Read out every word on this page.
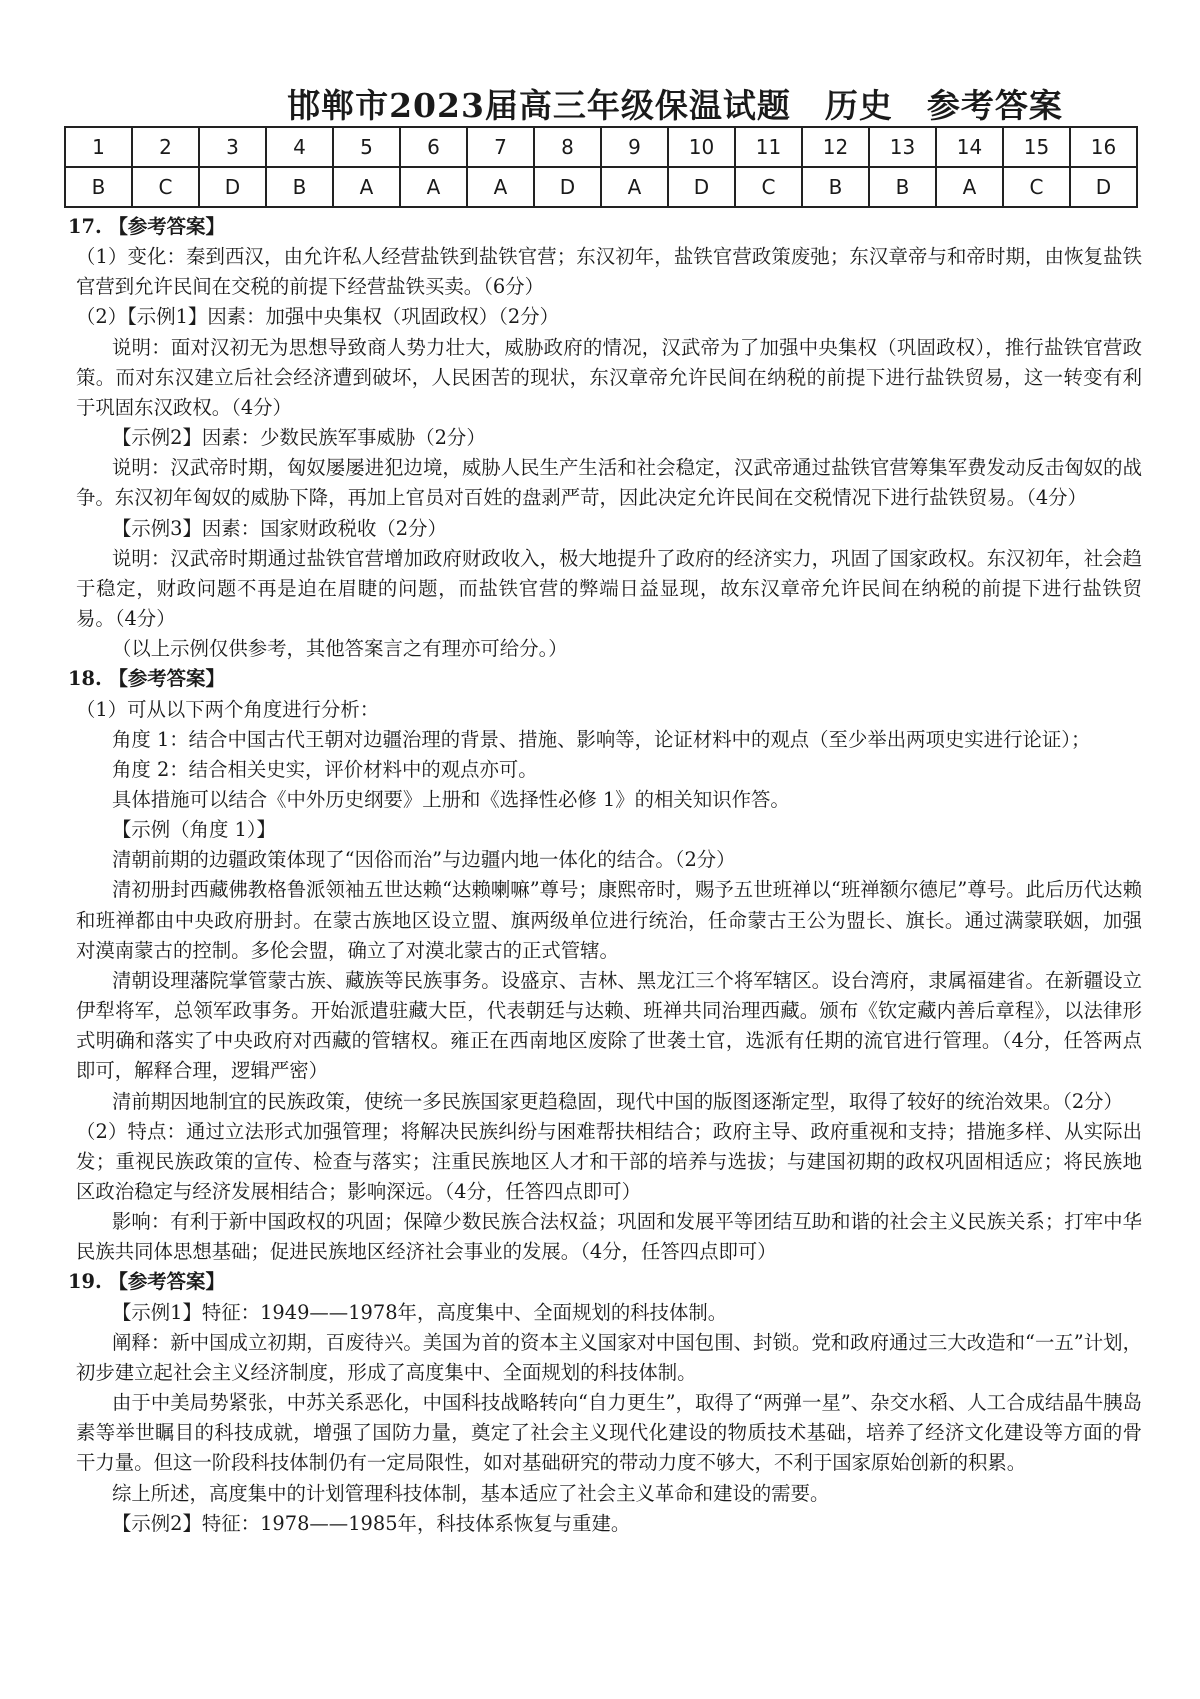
邯郸市2023届高三年级保温试题　历史　参考答案
1	2	3	4	5	6	7	8	9	10	11	12	13	14	15	16
B	C	D	B	A	A	A	D	A	D	C	B	B	A	C	D

17. 【参考答案】

（1）变化：秦到西汉，由允许私人经营盐铁到盐铁官营；东汉初年，盐铁官营政策废弛；东汉章帝与和帝时期，由恢复盐铁官营到允许民间在交税的前提下经营盐铁买卖。（6分）

（2）【示例1】因素：加强中央集权（巩固政权）（2分）

说明：面对汉初无为思想导致商人势力壮大，威胁政府的情况，汉武帝为了加强中央集权（巩固政权），推行盐铁官营政策。而对东汉建立后社会经济遭到破坏，人民困苦的现状，东汉章帝允许民间在纳税的前提下进行盐铁贸易，这一转变有利于巩固东汉政权。（4分）

【示例2】因素：少数民族军事威胁（2分）

说明：汉武帝时期，匈奴屡屡进犯边境，威胁人民生产生活和社会稳定，汉武帝通过盐铁官营筹集军费发动反击匈奴的战争。东汉初年匈奴的威胁下降，再加上官员对百姓的盘剥严苛，因此决定允许民间在交税情况下进行盐铁贸易。（4分）

【示例3】因素：国家财政税收（2分）

说明：汉武帝时期通过盐铁官营增加政府财政收入，极大地提升了政府的经济实力，巩固了国家政权。东汉初年，社会趋于稳定，财政问题不再是迫在眉睫的问题，而盐铁官营的弊端日益显现，故东汉章帝允许民间在纳税的前提下进行盐铁贸易。（4分）

（以上示例仅供参考，其他答案言之有理亦可给分。）

18. 【参考答案】

（1）可从以下两个角度进行分析：

角度 1：结合中国古代王朝对边疆治理的背景、措施、影响等，论证材料中的观点（至少举出两项史实进行论证）；

角度 2：结合相关史实，评价材料中的观点亦可。

具体措施可以结合《中外历史纲要》上册和《选择性必修 1》的相关知识作答。

【示例（角度 1）】

清朝前期的边疆政策体现了“因俗而治”与边疆内地一体化的结合。（2分）

清初册封西藏佛教格鲁派领袖五世达赖“达赖喇嘛”尊号；康熙帝时，赐予五世班禅以“班禅额尔德尼”尊号。此后历代达赖和班禅都由中央政府册封。在蒙古族地区设立盟、旗两级单位进行统治，任命蒙古王公为盟长、旗长。通过满蒙联姻，加强对漠南蒙古的控制。多伦会盟，确立了对漠北蒙古的正式管辖。

清朝设理藩院掌管蒙古族、藏族等民族事务。设盛京、吉林、黑龙江三个将军辖区。设台湾府，隶属福建省。在新疆设立伊犁将军，总领军政事务。开始派遣驻藏大臣，代表朝廷与达赖、班禅共同治理西藏。颁布《钦定藏内善后章程》，以法律形式明确和落实了中央政府对西藏的管辖权。雍正在西南地区废除了世袭土官，选派有任期的流官进行管理。（4分，任答两点即可，解释合理，逻辑严密）

清前期因地制宜的民族政策，使统一多民族国家更趋稳固，现代中国的版图逐渐定型，取得了较好的统治效果。（2分）

（2）特点：通过立法形式加强管理；将解决民族纠纷与困难帮扶相结合；政府主导、政府重视和支持；措施多样、从实际出发；重视民族政策的宣传、检查与落实；注重民族地区人才和干部的培养与选拔；与建国初期的政权巩固相适应；将民族地区政治稳定与经济发展相结合；影响深远。（4分，任答四点即可）

影响：有利于新中国政权的巩固；保障少数民族合法权益；巩固和发展平等团结互助和谐的社会主义民族关系；打牢中华民族共同体思想基础；促进民族地区经济社会事业的发展。（4分，任答四点即可）

19. 【参考答案】

【示例1】特征：1949——1978年，高度集中、全面规划的科技体制。

阐释：新中国成立初期，百废待兴。美国为首的资本主义国家对中国包围、封锁。党和政府通过三大改造和“一五”计划，初步建立起社会主义经济制度，形成了高度集中、全面规划的科技体制。

由于中美局势紧张，中苏关系恶化，中国科技战略转向“自力更生”，取得了“两弹一星”、杂交水稻、人工合成结晶牛胰岛素等举世瞩目的科技成就，增强了国防力量，奠定了社会主义现代化建设的物质技术基础，培养了经济文化建设等方面的骨干力量。但这一阶段科技体制仍有一定局限性，如对基础研究的带动力度不够大，不利于国家原始创新的积累。

综上所述，高度集中的计划管理科技体制，基本适应了社会主义革命和建设的需要。

【示例2】特征：1978——1985年，科技体系恢复与重建。
